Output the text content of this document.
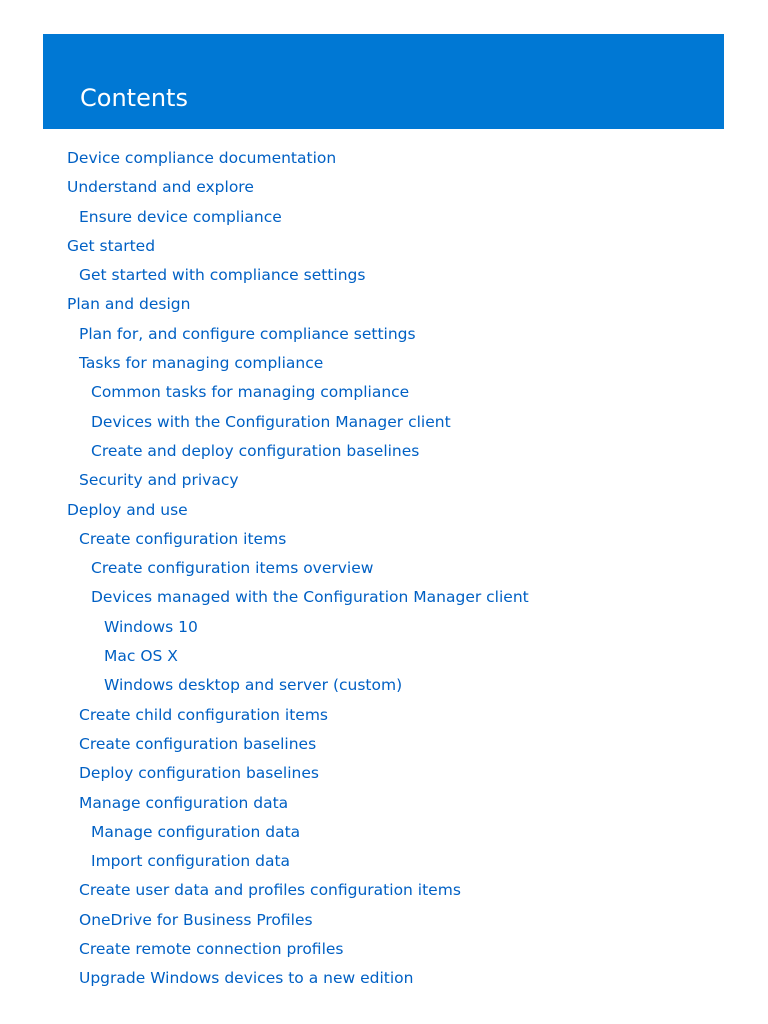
Contents
Device compliance documentation
Understand and explore
Ensure device compliance
Get started
Get started with compliance settings
Plan and design
Plan for, and configure compliance settings
Tasks for managing compliance
Common tasks for managing compliance
Devices with the Configuration Manager client
Create and deploy configuration baselines
Security and privacy
Deploy and use
Create configuration items
Create configuration items overview
Devices managed with the Configuration Manager client
Windows 10
Mac OS X
Windows desktop and server (custom)
Create child configuration items
Create configuration baselines
Deploy configuration baselines
Manage configuration data
Manage configuration data
Import configuration data
Create user data and profiles configuration items
OneDrive for Business Profiles
Create remote connection profiles
Upgrade Windows devices to a new edition
